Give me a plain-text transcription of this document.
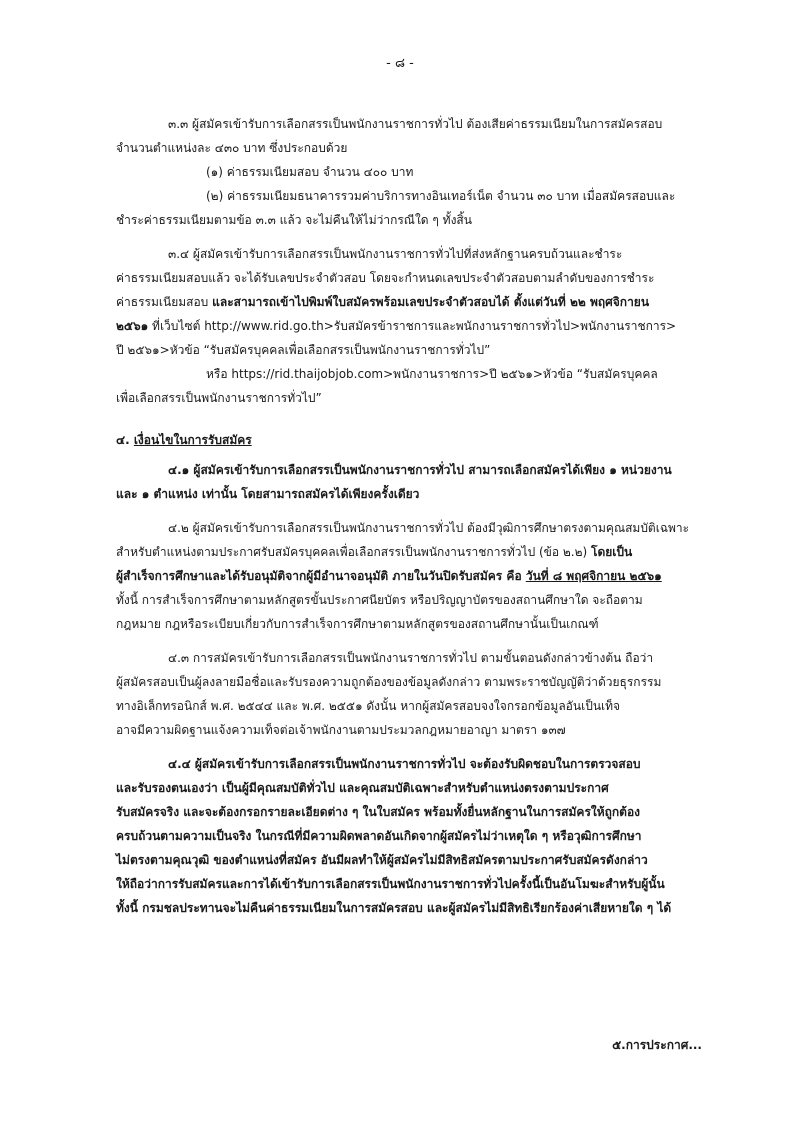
- ๘ -

๓.๓ ผู้สมัครเข้ารับการเลือกสรรเป็นพนักงานราชการทั่วไป ต้องเสียค่าธรรมเนียมในการสมัครสอบ

จำนวนตำแหน่งละ ๔๓๐ บาท ซึ่งประกอบด้วย

(๑) ค่าธรรมเนียมสอบ จำนวน ๔๐๐ บาท

(๒) ค่าธรรมเนียมธนาคารรวมค่าบริการทางอินเทอร์เน็ต จำนวน ๓๐ บาท เมื่อสมัครสอบและ

ชำระค่าธรรมเนียมตามข้อ ๓.๓ แล้ว จะไม่คืนให้ไม่ว่ากรณีใด ๆ ทั้งสิ้น

๓.๔ ผู้สมัครเข้ารับการเลือกสรรเป็นพนักงานราชการทั่วไปที่ส่งหลักฐานครบถ้วนและชำระ

ค่าธรรมเนียมสอบแล้ว จะได้รับเลขประจำตัวสอบ โดยจะกำหนดเลขประจำตัวสอบตามลำดับของการชำระ

ค่าธรรมเนียมสอบ และสามารถเข้าไปพิมพ์ใบสมัครพร้อมเลขประจำตัวสอบได้ ตั้งแต่วันที่ ๒๒ พฤศจิกายน

๒๕๖๑ ที่เว็บไซต์ http://www.rid.go.th>รับสมัครข้าราชการและพนักงานราชการทั่วไป>พนักงานราชการ>

ปี ๒๕๖๑>หัวข้อ “รับสมัครบุคคลเพื่อเลือกสรรเป็นพนักงานราชการทั่วไป”

หรือ https://rid.thaijobjob.com>พนักงานราชการ>ปี ๒๕๖๑>หัวข้อ “รับสมัครบุคคล

เพื่อเลือกสรรเป็นพนักงานราชการทั่วไป”

๔. เงื่อนไขในการรับสมัคร

๔.๑ ผู้สมัครเข้ารับการเลือกสรรเป็นพนักงานราชการทั่วไป สามารถเลือกสมัครได้เพียง ๑ หน่วยงาน

และ ๑ ตำแหน่ง เท่านั้น โดยสามารถสมัครได้เพียงครั้งเดียว

๔.๒ ผู้สมัครเข้ารับการเลือกสรรเป็นพนักงานราชการทั่วไป ต้องมีวุฒิการศึกษาตรงตามคุณสมบัติเฉพาะ

สำหรับตำแหน่งตามประกาศรับสมัครบุคคลเพื่อเลือกสรรเป็นพนักงานราชการทั่วไป (ข้อ ๒.๒) โดยเป็น

ผู้สำเร็จการศึกษาและได้รับอนุมัติจากผู้มีอำนาจอนุมัติ ภายในวันปิดรับสมัคร คือ วันที่ ๘ พฤศจิกายน ๒๕๖๑

ทั้งนี้ การสำเร็จการศึกษาตามหลักสูตรขั้นประกาศนียบัตร หรือปริญญาบัตรของสถานศึกษาใด จะถือตาม

กฎหมาย กฎหรือระเบียบเกี่ยวกับการสำเร็จการศึกษาตามหลักสูตรของสถานศึกษานั้นเป็นเกณฑ์

๔.๓ การสมัครเข้ารับการเลือกสรรเป็นพนักงานราชการทั่วไป ตามขั้นตอนดังกล่าวข้างต้น ถือว่า

ผู้สมัครสอบเป็นผู้ลงลายมือชื่อและรับรองความถูกต้องของข้อมูลดังกล่าว ตามพระราชบัญญัติว่าด้วยธุรกรรม

ทางอิเล็กทรอนิกส์ พ.ศ. ๒๕๔๔ และ พ.ศ. ๒๕๕๑ ดังนั้น หากผู้สมัครสอบจงใจกรอกข้อมูลอันเป็นเท็จ

อาจมีความผิดฐานแจ้งความเท็จต่อเจ้าพนักงานตามประมวลกฎหมายอาญา มาตรา ๑๓๗

๔.๔ ผู้สมัครเข้ารับการเลือกสรรเป็นพนักงานราชการทั่วไป จะต้องรับผิดชอบในการตรวจสอบ

และรับรองตนเองว่า เป็นผู้มีคุณสมบัติทั่วไป และคุณสมบัติเฉพาะสำหรับตำแหน่งตรงตามประกาศ

รับสมัครจริง และจะต้องกรอกรายละเอียดต่าง ๆ ในใบสมัคร พร้อมทั้งยื่นหลักฐานในการสมัครให้ถูกต้อง

ครบถ้วนตามความเป็นจริง ในกรณีที่มีความผิดพลาดอันเกิดจากผู้สมัครไม่ว่าเหตุใด ๆ หรือวุฒิการศึกษา

ไม่ตรงตามคุณวุฒิ ของตำแหน่งที่สมัคร อันมีผลทำให้ผู้สมัครไม่มีสิทธิสมัครตามประกาศรับสมัครดังกล่าว

ให้ถือว่าการรับสมัครและการได้เข้ารับการเลือกสรรเป็นพนักงานราชการทั่วไปครั้งนี้เป็นอันโมฆะสำหรับผู้นั้น

ทั้งนี้ กรมชลประทานจะไม่คืนค่าธรรมเนียมในการสมัครสอบ และผู้สมัครไม่มีสิทธิเรียกร้องค่าเสียหายใด ๆ ได้

๕.การประกาศ...
